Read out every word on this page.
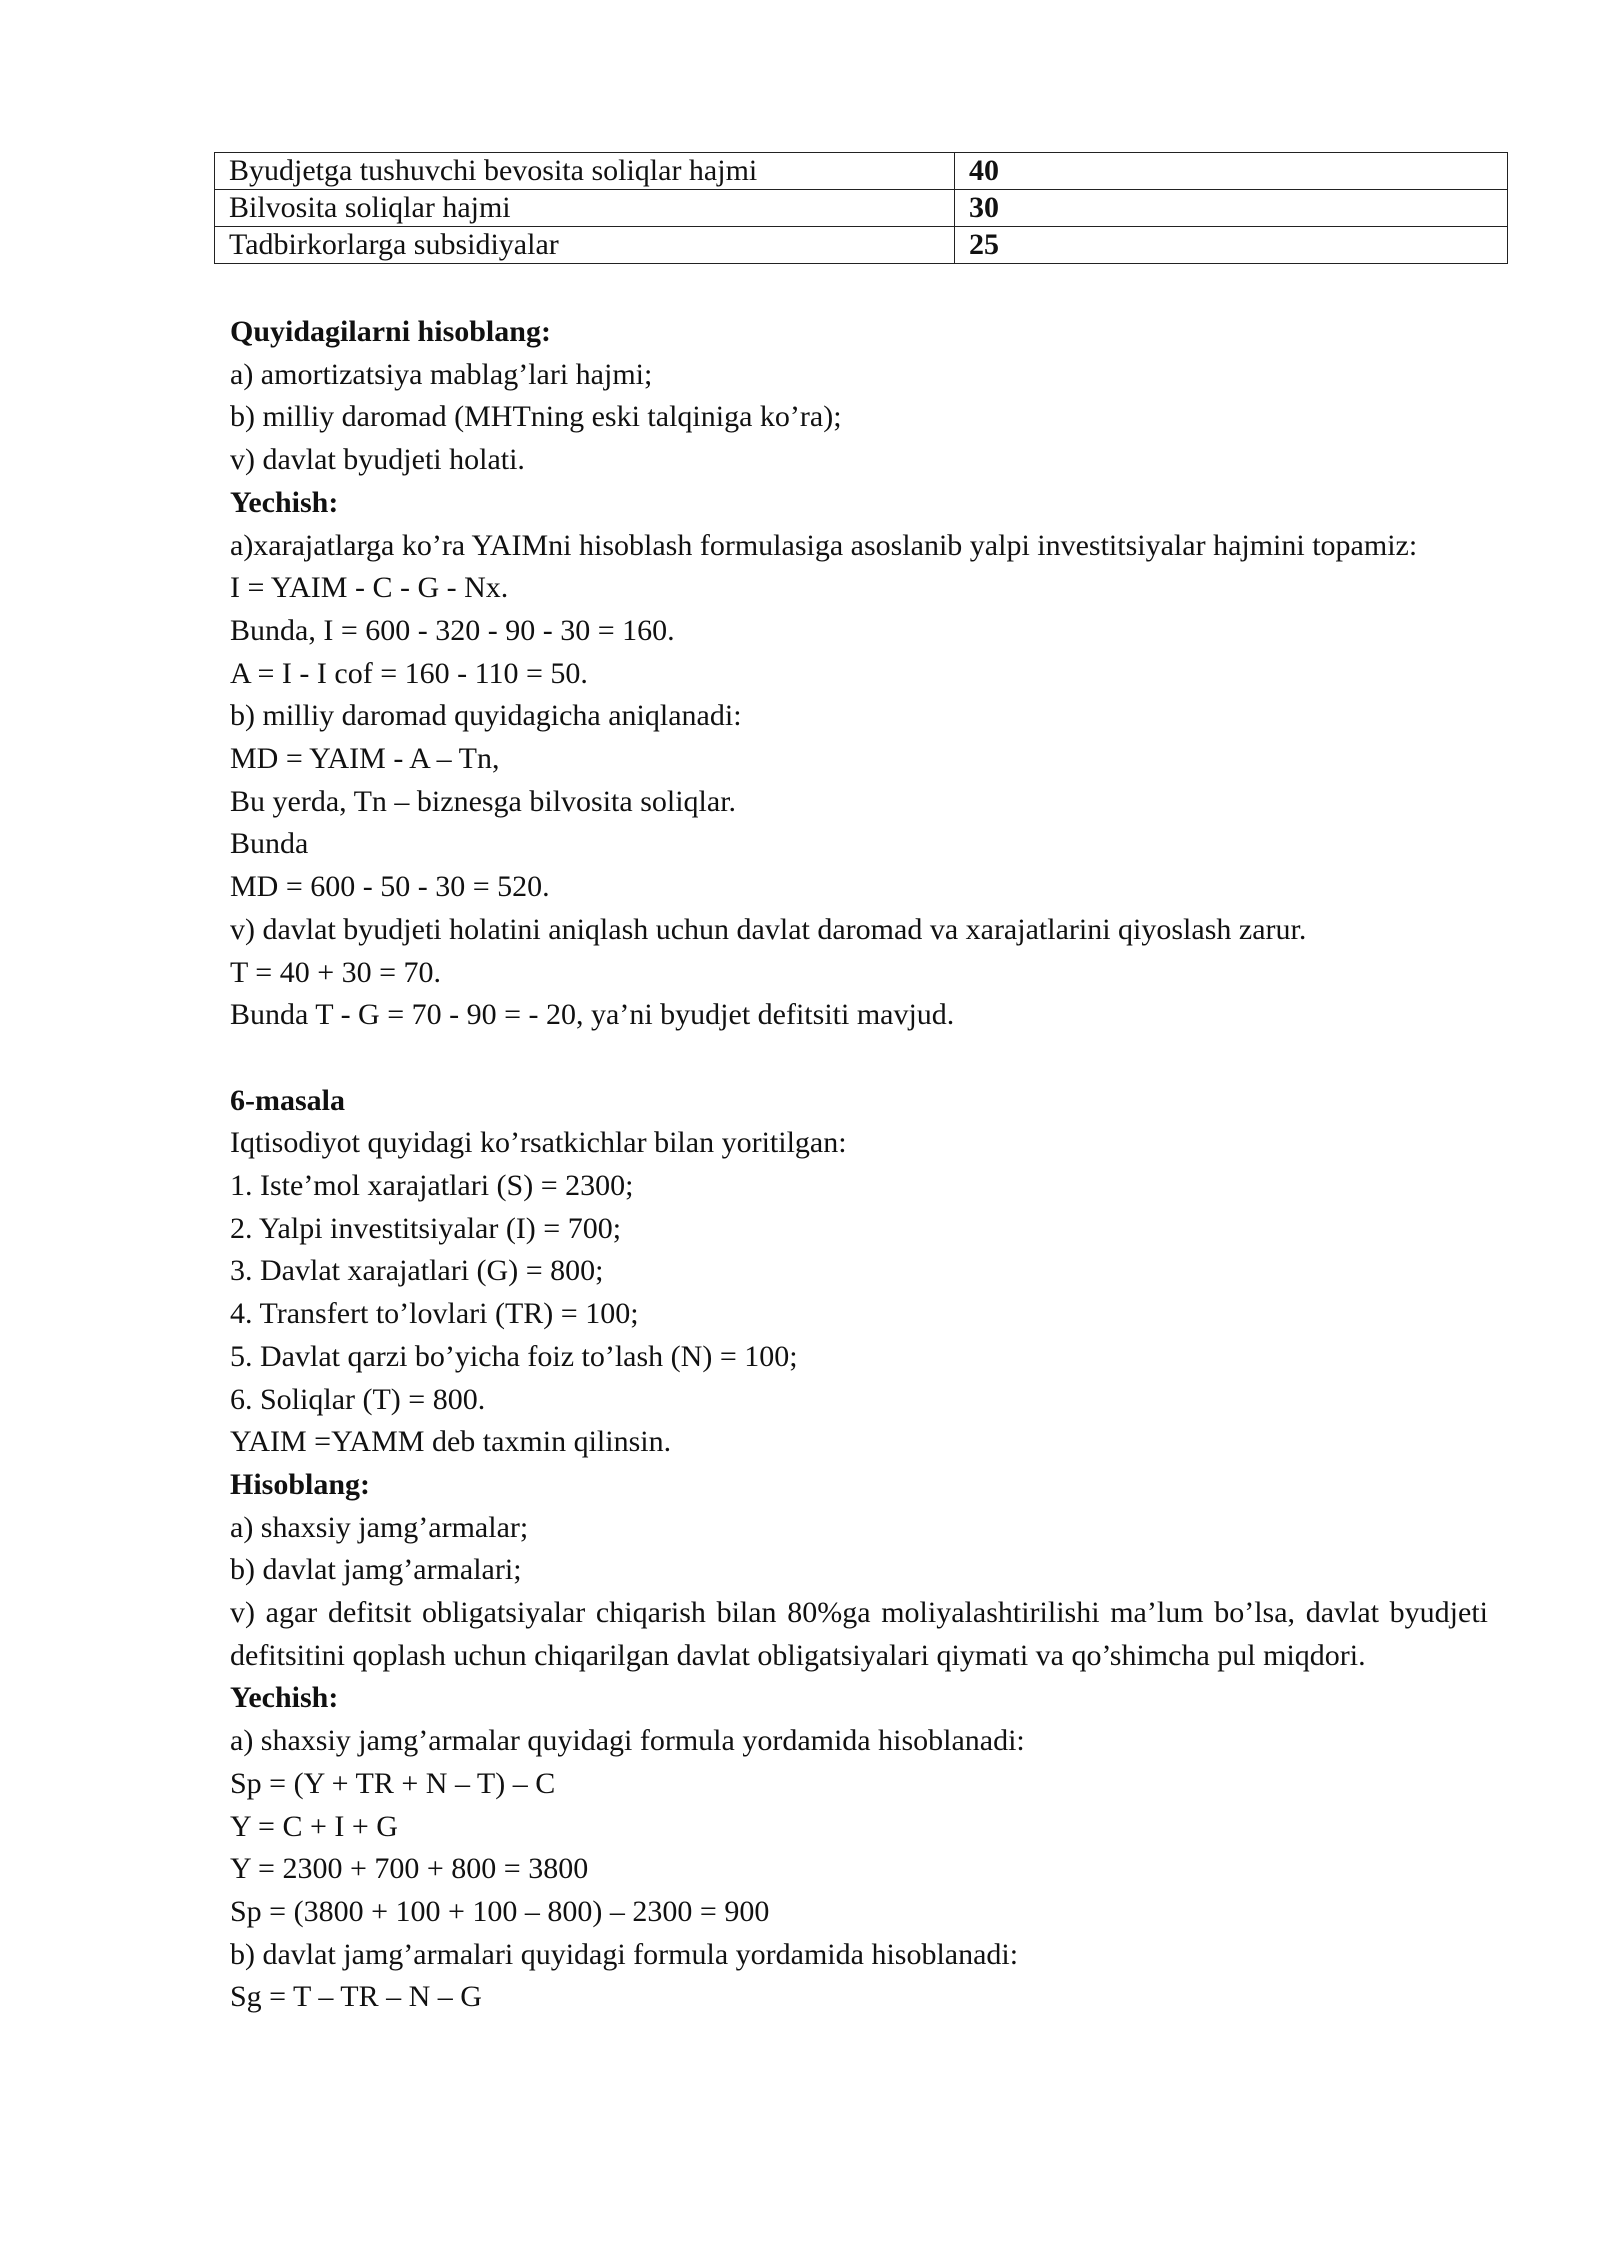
Byudjetga tushuvchi bevosita soliqlar hajmi	40
Bilvosita soliqlar hajmi	30
Tadbirkorlarga subsidiyalar	25

Quyidagilarni hisoblang:

a) amortizatsiya mablag’lari hajmi;

b) milliy daromad (MHTning eski talqiniga ko’ra);

v) davlat byudjeti holati.

Yechish:

a)xarajatlarga ko’ra YAIMni hisoblash formulasiga asoslanib yalpi investitsiyalar hajmini topamiz:

I = YAIM - C - G - Nx.

Bunda, I = 600 - 320 - 90 - 30 = 160.

A = I - I cof = 160 - 110 = 50.

b) milliy daromad quyidagicha aniqlanadi:

MD = YAIM - A – Tn,

Bu yerda, Tn – biznesga bilvosita soliqlar.

Bunda

MD = 600 - 50 - 30 = 520.

v) davlat byudjeti holatini aniqlash uchun davlat daromad va xarajatlarini qiyoslash zarur.

T = 40 + 30 = 70.

Bunda T - G = 70 - 90 = - 20, ya’ni byudjet defitsiti mavjud.

6-masala

Iqtisodiyot quyidagi ko’rsatkichlar bilan yoritilgan:

1. Iste’mol xarajatlari (S) = 2300;

2. Yalpi investitsiyalar (I) = 700;

3. Davlat xarajatlari (G) = 800;

4. Transfert to’lovlari (TR) = 100;

5. Davlat qarzi bo’yicha foiz to’lash (N) = 100;

6. Soliqlar (T) = 800.

YAIM =YAMM deb taxmin qilinsin.

Hisoblang:

a) shaxsiy jamg’armalar;

b) davlat jamg’armalari;

v) agar defitsit obligatsiyalar chiqarish bilan 80%ga moliyalashtirilishi ma’lum bo’lsa, davlat byudjeti defitsitini qoplash uchun chiqarilgan davlat obligatsiyalari qiymati va qo’shimcha pul miqdori.

Yechish:

a) shaxsiy jamg’armalar quyidagi formula yordamida hisoblanadi:

Sp = (Y + TR + N – T) – C

Y = C + I + G

Y = 2300 + 700 + 800 = 3800

Sp = (3800 + 100 + 100 – 800) – 2300 = 900

b) davlat jamg’armalari quyidagi formula yordamida hisoblanadi:

Sg = T – TR – N – G
